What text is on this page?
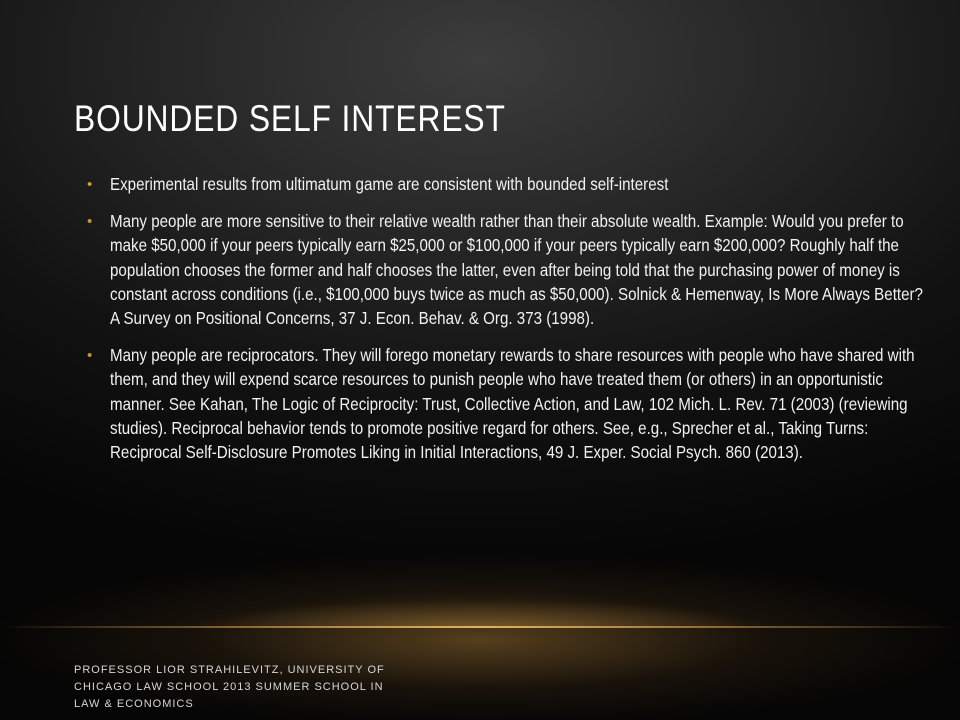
BOUNDED SELF INTEREST
• Experimental results from ultimatum game are consistent with bounded self-interest
• Many people are more sensitive to their relative wealth rather than their absolute wealth. Example: Would you prefer to make $50,000 if your peers typically earn $25,000 or $100,000 if your peers typically earn $200,000? Roughly half the population chooses the former and half chooses the latter, even after being told that the purchasing power of money is constant across conditions (i.e., $100,000 buys twice as much as $50,000). Solnick & Hemenway, Is More Always Better? A Survey on Positional Concerns, 37 J. Econ. Behav. & Org. 373 (1998).
• Many people are reciprocators. They will forego monetary rewards to share resources with people who have shared with them, and they will expend scarce resources to punish people who have treated them (or others) in an opportunistic manner. See Kahan, The Logic of Reciprocity: Trust, Collective Action, and Law, 102 Mich. L. Rev. 71 (2003) (reviewing studies). Reciprocal behavior tends to promote positive regard for others. See, e.g., Sprecher et al., Taking Turns: Reciprocal Self-Disclosure Promotes Liking in Initial Interactions, 49 J. Exper. Social Psych. 860 (2013).

PROFESSOR LIOR STRAHILEVITZ, UNIVERSITY OF CHICAGO LAW SCHOOL 2013 SUMMER SCHOOL IN LAW & ECONOMICS
